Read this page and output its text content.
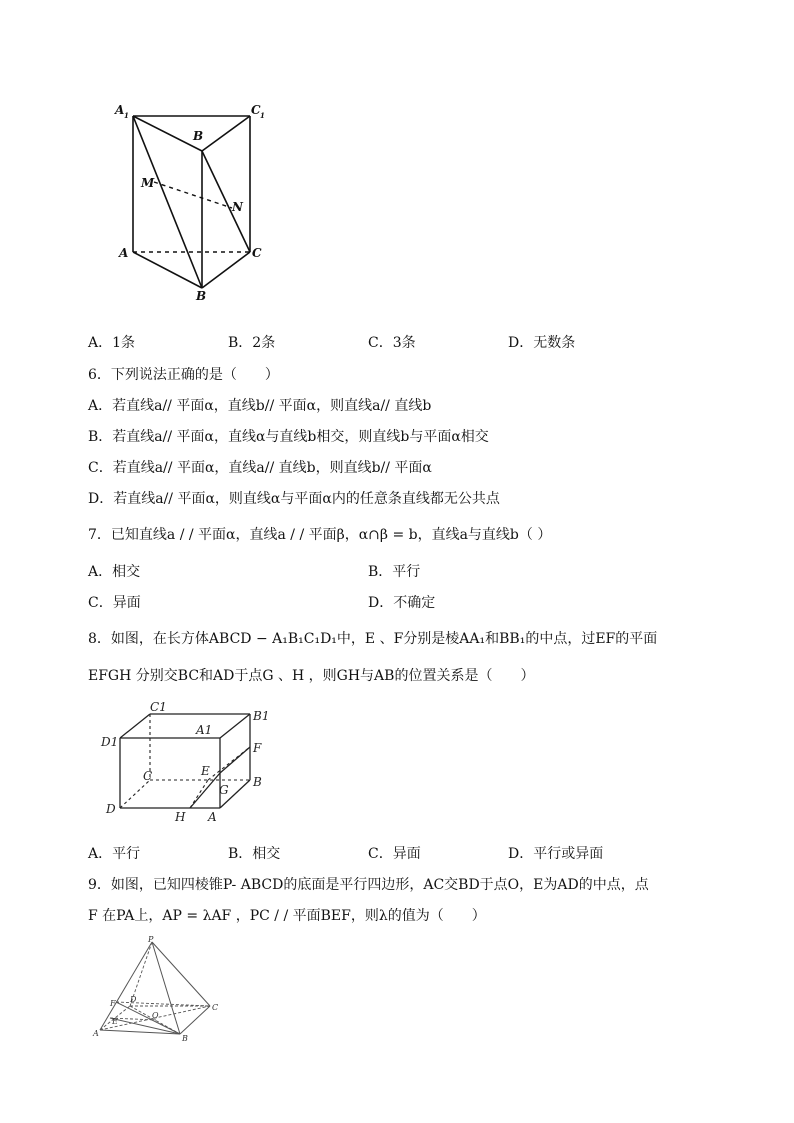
A 1	C 1
B
M
N
A	C
B
A．1条	B．2条	C．3条	D．无数条
6．下列说法正确的是（　　）
A．若直线a// 平面α，直线b// 平面α，则直线a// 直线b
B．若直线a// 平面α，直线α与直线b相交，则直线b与平面α相交
C．若直线a// 平面α，直线a// 直线b，则直线b// 平面α
D．若直线a// 平面α，则直线α与平面α内的任意条直线都无公共点
7．已知直线a / / 平面α，直线a / / 平面β，α∩β = b，直线a与直线b（ ）
A．相交	B．平行
C．异面	D．不确定
8．如图，在长方体ABCD − A₁B₁C₁D₁中，E 、F分别是棱AA₁和BB₁的中点，过EF的平面
EFGH 分别交BC和AD于点G 、H ，则GH与AB的位置关系是（　　）
C1
B1
A1
D1	F
C	E
B
G
D
H A
A．平行	B．相交	C．异面	D．平行或异面
9．如图，已知四棱锥P- ABCD的底面是平行四边形，AC交BD于点O，E为AD的中点，点
F 在PA上，AP = λAF ，PC / / 平面BEF，则λ的值为（　　）
P
F D
C
E
O
A
B
